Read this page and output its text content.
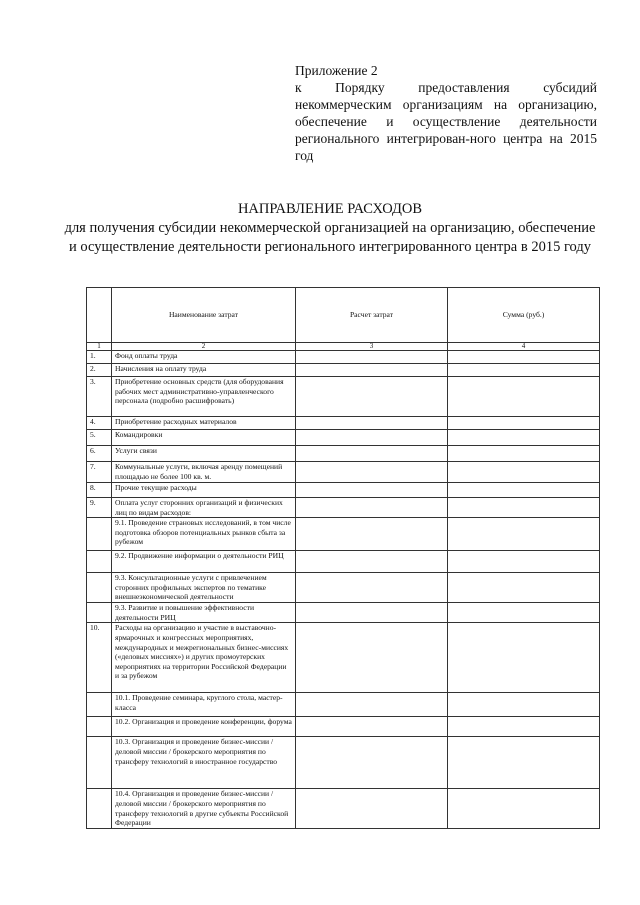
Приложение 2
к Порядку предоставления субсидий некоммерческим организациям на организацию, обеспечение и осуществление деятельности регионального интегрирован-ного центра на 2015 год
НАПРАВЛЕНИЕ РАСХОДОВ
для получения субсидии некоммерческой организацией на организацию, обеспечение и осуществление деятельности регионального интегрированного центра в 2015 году
	Наименование затрат	Расчет затрат	Сумма (руб.)
1	2	3	4
1.	Фонд оплаты труда		
2.	Начисления на оплату труда		
3.	Приобретение основных средств (для оборудования рабочих мест административно-управленческого персонала (подробно расшифровать)		
4.	Приобретение расходных материалов		
5.	Командировки		
6.	Услуги связи		
7.	Коммунальные услуги, включая аренду помещений площадью не более 100 кв. м.		
8.	Прочие текущие расходы		
9.	Оплата услуг сторонних организаций и физических лиц по видам расходов:		
	9.1. Проведение страновых исследований, в том числе подготовка обзоров потенциальных рынков сбыта за рубежом		
	9.2. Продвижение информации о деятельности РИЦ		
	9.3. Консультационные услуги с привлечением сторонних профильных экспертов по тематике внешнеэкономической деятельности		
	9.3. Развитие и повышение эффективности деятельности РИЦ		
10.	Расходы на организацию и участие в выставочно-ярмарочных и конгрессных мероприятиях, международных и межрегиональных бизнес-миссиях («деловых миссиях») и других промоутерских мероприятиях на территории Российской Федерации и за рубежом		
	10.1. Проведение семинара, круглого стола, мастер-класса		
	10.2. Организация и проведение конференции, форума		
	10.3. Организация и проведение бизнес-миссии / деловой миссии / брокерского мероприятия по трансферу технологий в иностранное государство		
	10.4. Организация и проведение бизнес-миссии / деловой миссии / брокерского мероприятия по трансферу технологий в другие субъекты Российской Федерации		
